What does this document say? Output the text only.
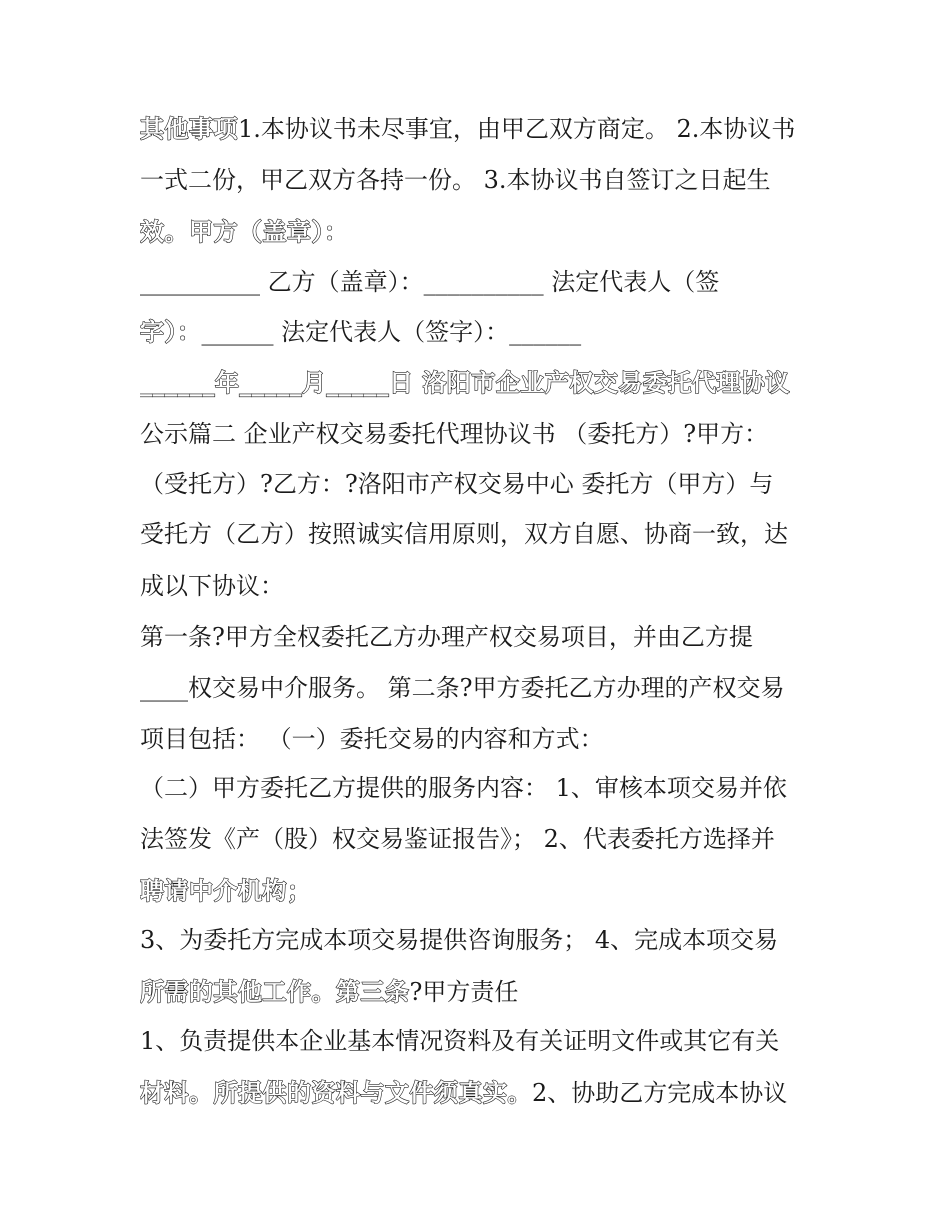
其他事项1.本协议书未尽事宜，由甲乙双方商定。 2.本协议书
一式二份，甲乙双方各持一份。 3.本协议书自签订之日起生
效。甲方（盖章）：
__________ 乙方（盖章）：__________ 法定代表人（签
字）：______ 法定代表人（签字）：______
______年_____月_____日 洛阳市企业产权交易委托代理协议
公示篇二 企业产权交易委托代理协议书 （委托方）?甲方：
（受托方）?乙方：?洛阳市产权交易中心 委托方（甲方）与
受托方（乙方）按照诚实信用原则，双方自愿、协商一致，达
成以下协议：
第一条?甲方全权委托乙方办理产权交易项目，并由乙方提
____权交易中介服务。 第二条?甲方委托乙方办理的产权交易
项目包括： （一）委托交易的内容和方式：
（二）甲方委托乙方提供的服务内容： 1、审核本项交易并依
法签发《产（股）权交易鉴证报告》； 2、代表委托方选择并
聘请中介机构；
3、为委托方完成本项交易提供咨询服务； 4、完成本项交易
所需的其他工作。第三条?甲方责任
1、负责提供本企业基本情况资料及有关证明文件或其它有关
材料。所提供的资料与文件须真实。2、协助乙方完成本协议
